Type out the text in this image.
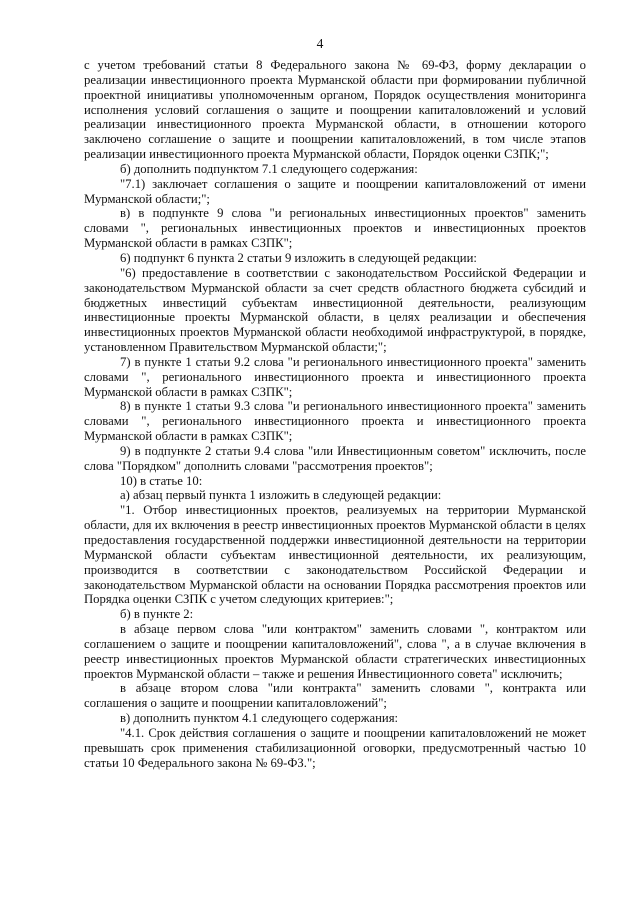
4

с учетом требований статьи 8 Федерального закона № 69-ФЗ, форму декларации о реализации инвестиционного проекта Мурманской области при формировании публичной проектной инициативы уполномоченным органом, Порядок осуществления мониторинга исполнения условий соглашения о защите и поощрении капиталовложений и условий реализации инвестиционного проекта Мурманской области, в отношении которого заключено соглашение о защите и поощрении капиталовложений, в том числе этапов реализации инвестиционного проекта Мурманской области, Порядок оценки СЗПК;";

б) дополнить подпунктом 7.1 следующего содержания:

"7.1) заключает соглашения о защите и поощрении капиталовложений от имени Мурманской области;";

в) в подпункте 9 слова "и региональных инвестиционных проектов" заменить словами ", региональных инвестиционных проектов и инвестиционных проектов Мурманской области в рамках СЗПК";

6) подпункт 6 пункта 2 статьи 9 изложить в следующей редакции:

"6) предоставление в соответствии с законодательством Российской Федерации и законодательством Мурманской области за счет средств областного бюджета субсидий и бюджетных инвестиций субъектам инвестиционной деятельности, реализующим инвестиционные проекты Мурманской области, в целях реализации и обеспечения инвестиционных проектов Мурманской области необходимой инфраструктурой, в порядке, установленном Правительством Мурманской области;";

7) в пункте 1 статьи 9.2 слова "и регионального инвестиционного проекта" заменить словами ", регионального инвестиционного проекта и инвестиционного проекта Мурманской области в рамках СЗПК";

8) в пункте 1 статьи 9.3 слова "и регионального инвестиционного проекта" заменить словами ", регионального инвестиционного проекта и инвестиционного проекта Мурманской области в рамках СЗПК";

9) в подпункте 2 статьи 9.4 слова "или Инвестиционным советом" исключить, после слова "Порядком" дополнить словами "рассмотрения проектов";

10) в статье 10:

а) абзац первый пункта 1 изложить в следующей редакции:

"1. Отбор инвестиционных проектов, реализуемых на территории Мурманской области, для их включения в реестр инвестиционных проектов Мурманской области в целях предоставления государственной поддержки инвестиционной деятельности на территории Мурманской области субъектам инвестиционной деятельности, их реализующим, производится в соответствии с законодательством Российской Федерации и законодательством Мурманской области на основании Порядка рассмотрения проектов или Порядка оценки СЗПК с учетом следующих критериев:";

б) в пункте 2:

в абзаце первом слова "или контрактом" заменить словами ", контрактом или соглашением о защите и поощрении капиталовложений", слова ", а в случае включения в реестр инвестиционных проектов Мурманской области стратегических инвестиционных проектов Мурманской области – также и решения Инвестиционного совета" исключить;

в абзаце втором слова "или контракта" заменить словами ", контракта или соглашения о защите и поощрении капиталовложений";

в) дополнить пунктом 4.1 следующего содержания:

"4.1. Срок действия соглашения о защите и поощрении капиталовложений не может превышать срок применения стабилизационной оговорки, предусмотренный частью 10 статьи 10 Федерального закона № 69-ФЗ.";
